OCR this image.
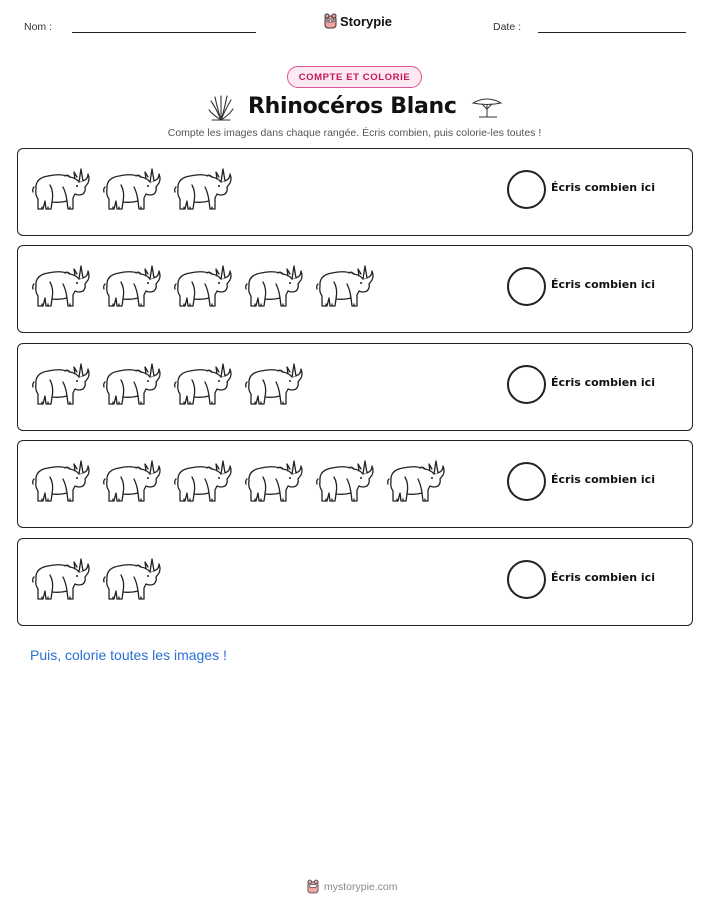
Nom :	Storypie	Date :
COMPTE ET COLORIE
Rhinocéros Blanc
Compte les images dans chaque rangée. Écris combien, puis colorie-les toutes !
Écris combien ici
Écris combien ici
Écris combien ici
Écris combien ici
Écris combien ici
Puis, colorie toutes les images !
mystorypie.com
